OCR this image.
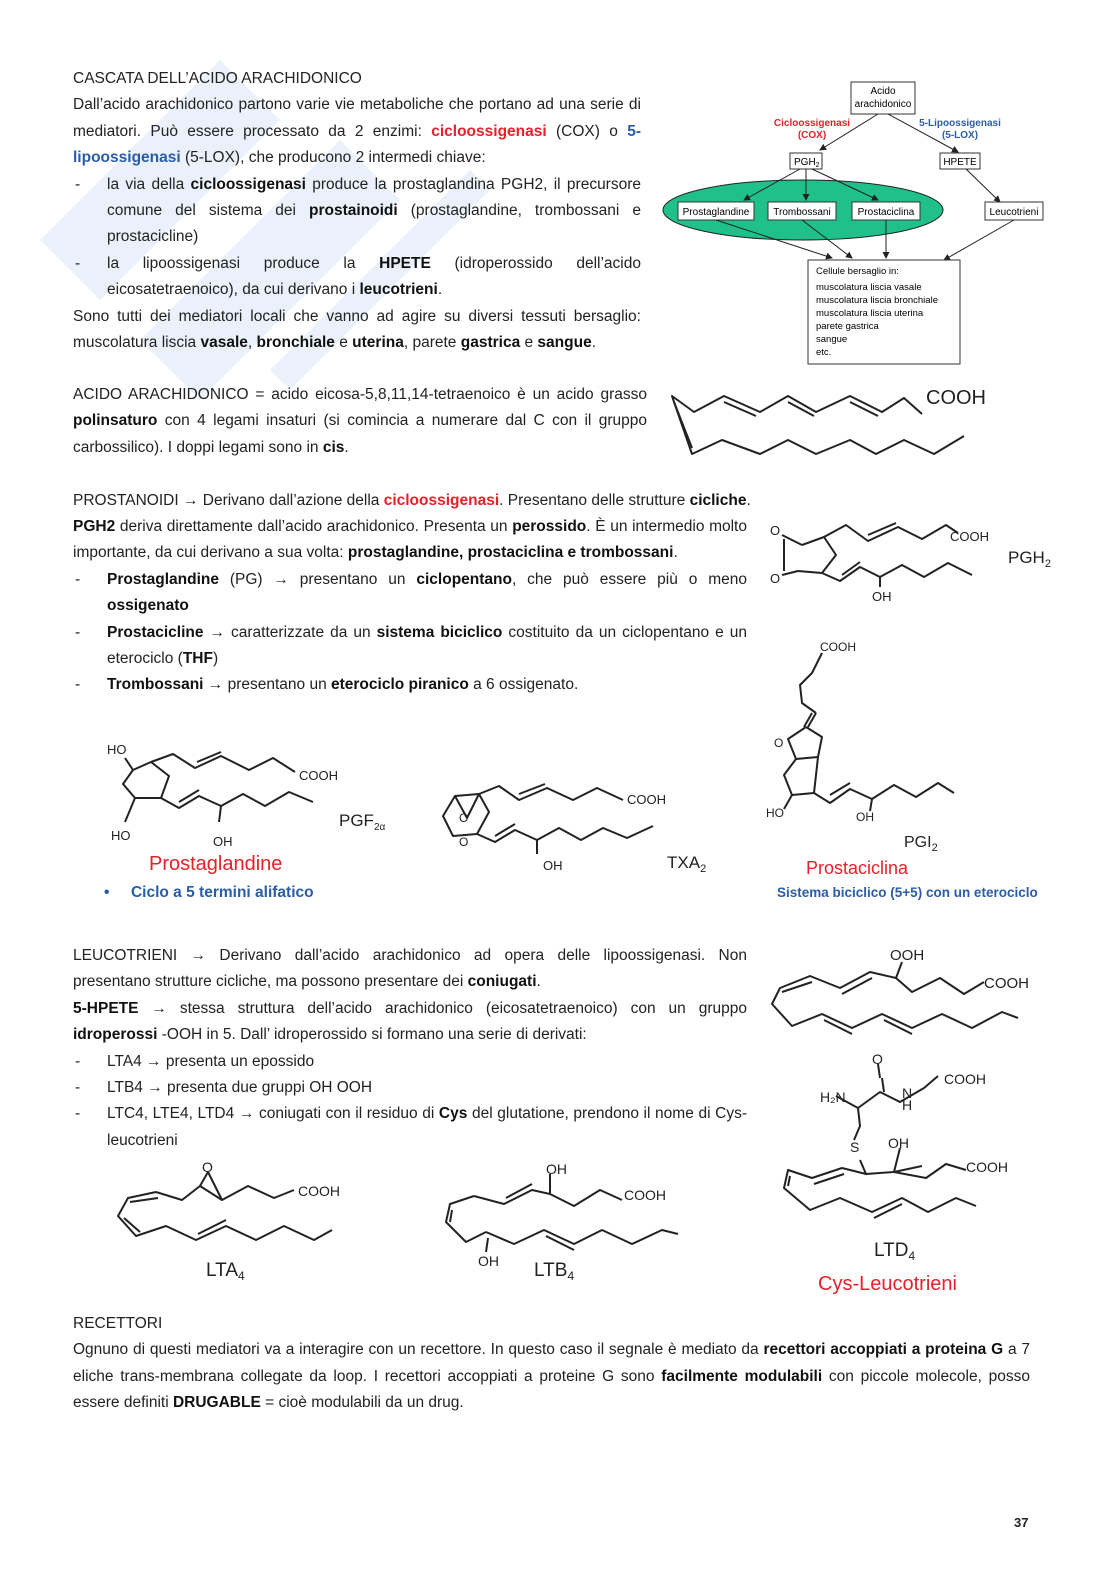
CASCATA DELL’ACIDO ARACHIDONICO

Dall’acido arachidonico partono varie vie metaboliche che portano ad una serie di mediatori. Può essere processato da 2 enzimi: cicloossigenasi (COX) o 5-lipoossigenasi (5-LOX), che producono 2 intermedi chiave:

- la via della cicloossigenasi produce la prostaglandina PGH2, il precursore comune del sistema dei prostainoidi (prostaglandine, trombossani e prostacicline)
- la lipoossigenasi produce la HPETE (idroperossido dell’acido eicosatetraenoico), da cui derivano i leucotrieni.

Sono tutti dei mediatori locali che vanno ad agire su diversi tessuti bersaglio: muscolatura liscia vasale, bronchiale e uterina, parete gastrica e sangue.

Acido
arachidonico
Cicloossigenasi
(COX)
5-Lipoossigenasi
(5-LOX)
$PGH_2$	HPETE
Prostaglandine Trombossani	Prostaciclina	Leucotrieni
Cellule bersaglio in:
muscolatura liscia vasale
muscolatura liscia bronchiale
muscolatura liscia uterina
parete gastrica
sangue
etc.

ACIDO ARACHIDONICO = acido eicosa-5,8,11,14-tetraenoico è un acido grasso polinsaturo con 4 legami insaturi (si comincia a numerare dal C con il gruppo carbossilico). I doppi legami sono in cis.

COOH

PROSTANOIDI → Derivano dall’azione della cicloossigenasi. Presentano delle strutture cicliche.

PGH2 deriva direttamente dall’acido arachidonico. Presenta un perossido. È un intermedio molto importante, da cui derivano a sua volta: prostaglandine, prostaciclina e trombossani.

- Prostaglandine (PG) → presentano un ciclopentano, che può essere più o meno ossigenato
- Prostacicline → caratterizzate da un sistema biciclico costituito da un ciclopentano e un eterociclo (THF)
- Trombossani → presentano un eterociclo piranico a 6 ossigenato.
O
O
COOH
OH
$PGH_2$
COOH
O
HO	OH
$PGI_2$
HO
COOH
HO	OH
$PGF_{2\alpha}$
O
O
COOH
OH	$TXA_2$
Prostaglandine
• Ciclo a 5 termini alifatico
Prostaciclina
Sistema biciclico (5+5) con un eterociclo

LEUCOTRIENI → Derivano dall’acido arachidonico ad opera delle lipoossigenasi. Non presentano strutture cicliche, ma possono presentare dei coniugati.

5-HPETE → stessa struttura dell’acido arachidonico (eicosatetraenoico) con un gruppo idroperossi -OOH in 5. Dall’ idroperossido si formano una serie di derivati:

- LTA4 → presenta un epossido
- LTB4 → presenta due gruppi OH OOH
- LTC4, LTE4, LTD4 → coniugati con il residuo di Cys del glutatione, prendono il nome di Cys-leucotrieni
OOH
COOH
O
H₂N	N
H
COOH
S OH
COOH
$LTD_4$
Cys-Leucotrieni
O
COOH
$LTA_4$
OH
COOH
OH $LTB_4$
RECETTORI

Ognuno di questi mediatori va a interagire con un recettore. In questo caso il segnale è mediato da recettori accoppiati a proteina G a 7 eliche trans-membrana collegate da loop. I recettori accoppiati a proteine G sono facilmente modulabili con piccole molecole, posso essere definiti DRUGABLE = cioè modulabili da un drug.

37
